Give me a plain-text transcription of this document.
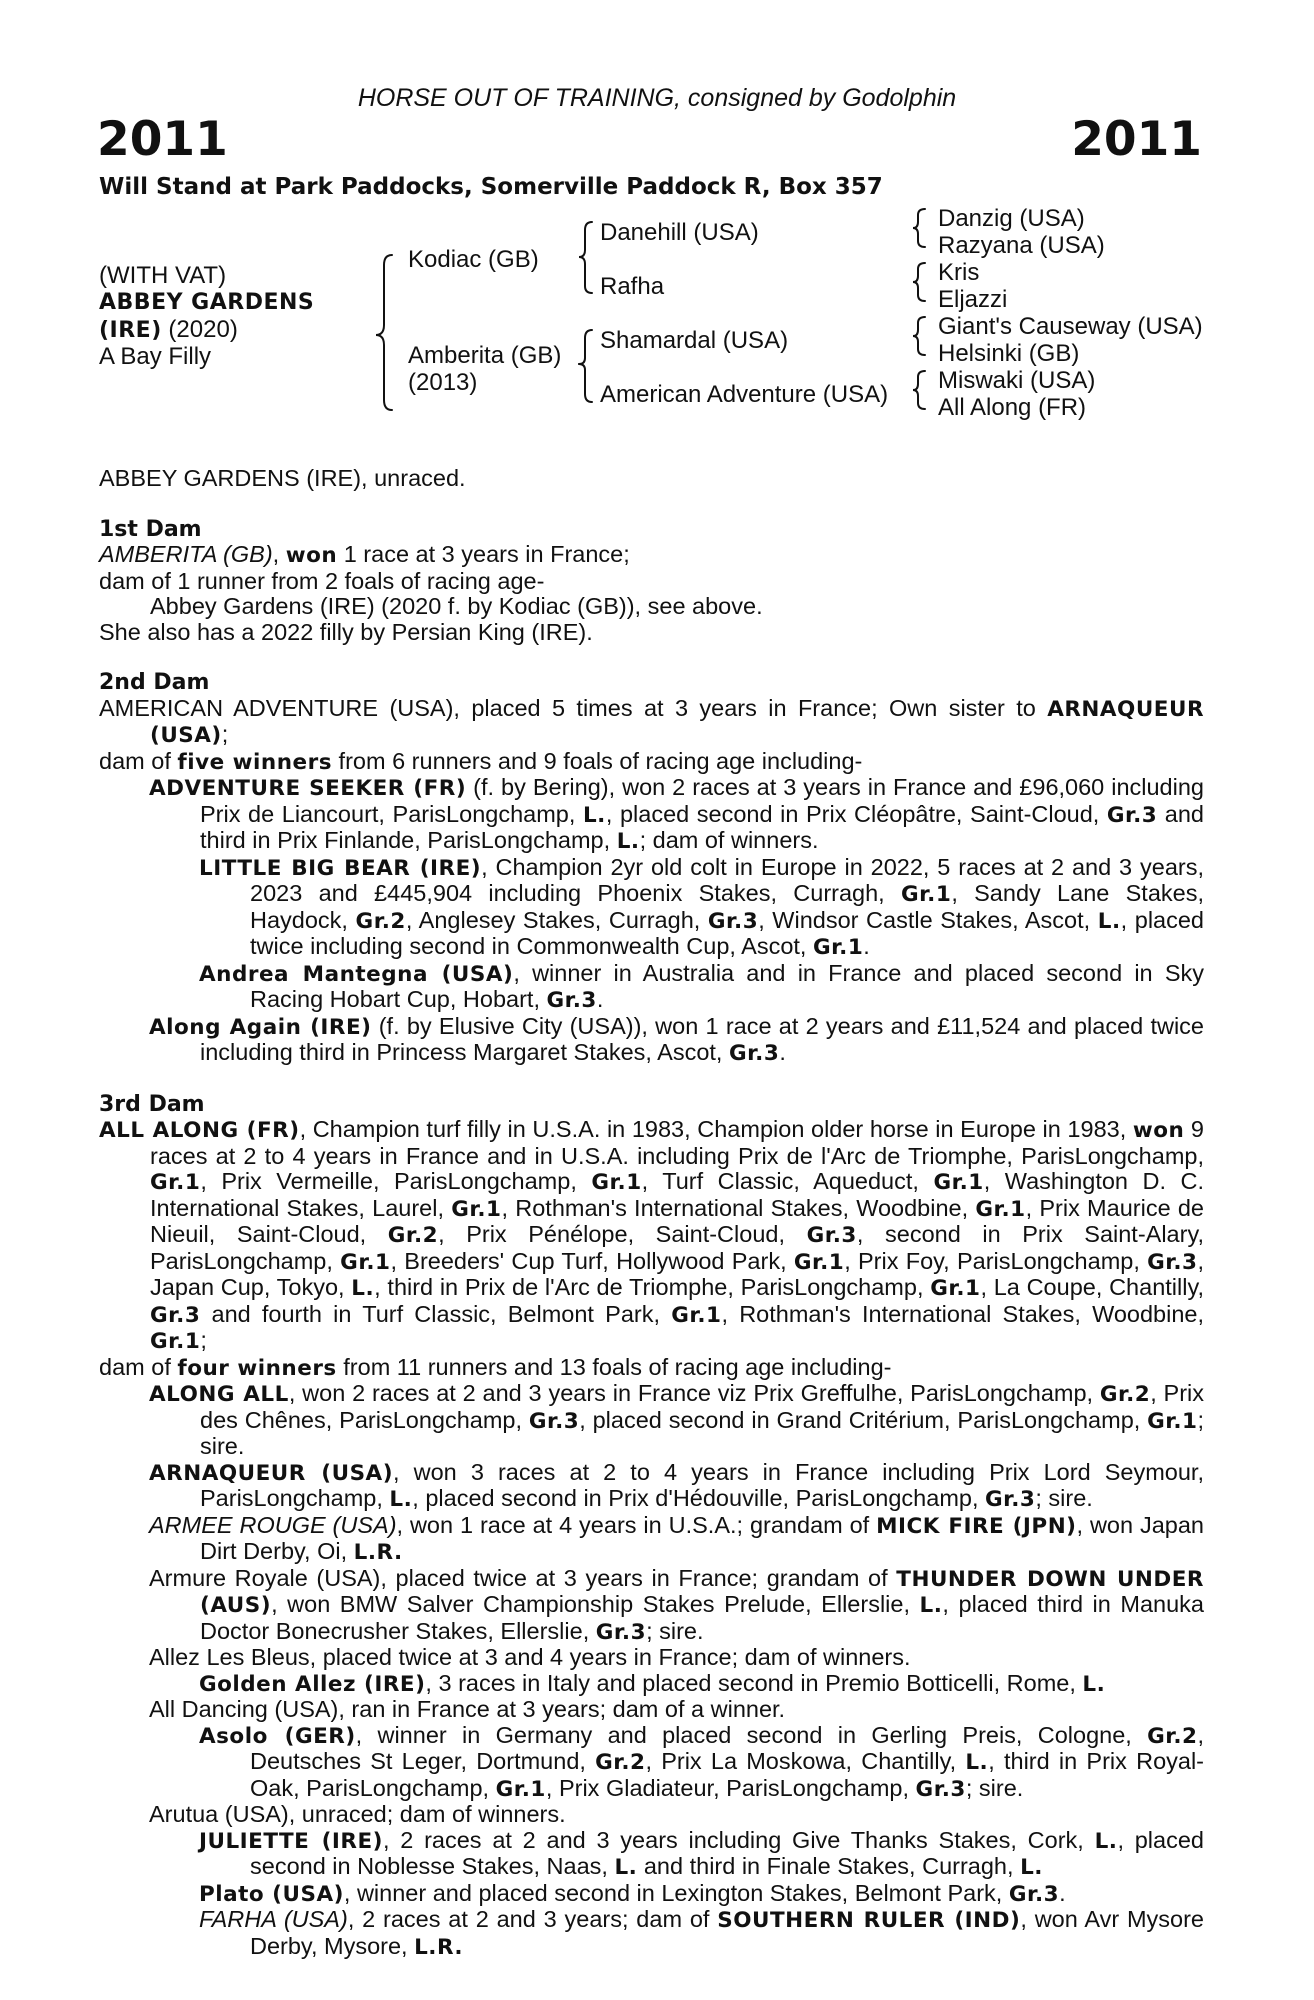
HORSE OUT OF TRAINING, consigned by Godolphin
2011	2011
Will Stand at Park Paddocks, Somerville Paddock R, Box 357
(WITH VAT)
ABBEY GARDENS
(IRE) (2020)
A Bay Filly
Kodiac (GB)
Amberita (GB)
(2013)
Danehill (USA)
Rafha
Shamardal (USA)
American Adventure (USA)
Danzig (USA)
Razyana (USA)
Kris
Eljazzi
Giant's Causeway (USA)
Helsinki (GB)
Miswaki (USA)
All Along (FR)

ABBEY GARDENS (IRE), unraced.

1st Dam

AMBERITA (GB), won 1 race at 3 years in France;

dam of 1 runner from 2 foals of racing age-

Abbey Gardens (IRE) (2020 f. by Kodiac (GB)), see above.

She also has a 2022 filly by Persian King (IRE).

2nd Dam

AMERICAN ADVENTURE (USA), placed 5 times at 3 years in France; Own sister to ARNAQUEUR (USA);

dam of five winners from 6 runners and 9 foals of racing age including-

ADVENTURE SEEKER (FR) (f. by Bering), won 2 races at 3 years in France and £96,060 including Prix de Liancourt, ParisLongchamp, L., placed second in Prix Cléopâtre, Saint-Cloud, Gr.3 and third in Prix Finlande, ParisLongchamp, L.; dam of winners.

LITTLE BIG BEAR (IRE), Champion 2yr old colt in Europe in 2022, 5 races at 2 and 3 years, 2023 and £445,904 including Phoenix Stakes, Curragh, Gr.1, Sandy Lane Stakes, Haydock, Gr.2, Anglesey Stakes, Curragh, Gr.3, Windsor Castle Stakes, Ascot, L., placed twice including second in Commonwealth Cup, Ascot, Gr.1.

Andrea Mantegna (USA), winner in Australia and in France and placed second in Sky Racing Hobart Cup, Hobart, Gr.3.

Along Again (IRE) (f. by Elusive City (USA)), won 1 race at 2 years and £11,524 and placed twice including third in Princess Margaret Stakes, Ascot, Gr.3.

3rd Dam

ALL ALONG (FR), Champion turf filly in U.S.A. in 1983, Champion older horse in Europe in 1983, won 9 races at 2 to 4 years in France and in U.S.A. including Prix de l'Arc de Triomphe, ParisLongchamp, Gr.1, Prix Vermeille, ParisLongchamp, Gr.1, Turf Classic, Aqueduct, Gr.1, Washington D. C. International Stakes, Laurel, Gr.1, Rothman's International Stakes, Woodbine, Gr.1, Prix Maurice de Nieuil, Saint-Cloud, Gr.2, Prix Pénélope, Saint-Cloud, Gr.3, second in Prix Saint-Alary, ParisLongchamp, Gr.1, Breeders' Cup Turf, Hollywood Park, Gr.1, Prix Foy, ParisLongchamp, Gr.3, Japan Cup, Tokyo, L., third in Prix de l'Arc de Triomphe, ParisLongchamp, Gr.1, La Coupe, Chantilly, Gr.3 and fourth in Turf Classic, Belmont Park, Gr.1, Rothman's International Stakes, Woodbine, Gr.1;

dam of four winners from 11 runners and 13 foals of racing age including-

ALONG ALL, won 2 races at 2 and 3 years in France viz Prix Greffulhe, ParisLongchamp, Gr.2, Prix des Chênes, ParisLongchamp, Gr.3, placed second in Grand Critérium, ParisLongchamp, Gr.1; sire.

ARNAQUEUR (USA), won 3 races at 2 to 4 years in France including Prix Lord Seymour, ParisLongchamp, L., placed second in Prix d'Hédouville, ParisLongchamp, Gr.3; sire.

ARMEE ROUGE (USA), won 1 race at 4 years in U.S.A.; grandam of MICK FIRE (JPN), won Japan Dirt Derby, Oi, L.R.

Armure Royale (USA), placed twice at 3 years in France; grandam of THUNDER DOWN UNDER (AUS), won BMW Salver Championship Stakes Prelude, Ellerslie, L., placed third in Manuka Doctor Bonecrusher Stakes, Ellerslie, Gr.3; sire.

Allez Les Bleus, placed twice at 3 and 4 years in France; dam of winners.

Golden Allez (IRE), 3 races in Italy and placed second in Premio Botticelli, Rome, L.

All Dancing (USA), ran in France at 3 years; dam of a winner.

Asolo (GER), winner in Germany and placed second in Gerling Preis, Cologne, Gr.2, Deutsches St Leger, Dortmund, Gr.2, Prix La Moskowa, Chantilly, L., third in Prix Royal-Oak, ParisLongchamp, Gr.1, Prix Gladiateur, ParisLongchamp, Gr.3; sire.

Arutua (USA), unraced; dam of winners.

JULIETTE (IRE), 2 races at 2 and 3 years including Give Thanks Stakes, Cork, L., placed second in Noblesse Stakes, Naas, L. and third in Finale Stakes, Curragh, L.

Plato (USA), winner and placed second in Lexington Stakes, Belmont Park, Gr.3.

FARHA (USA), 2 races at 2 and 3 years; dam of SOUTHERN RULER (IND), won Avr Mysore Derby, Mysore, L.R.
